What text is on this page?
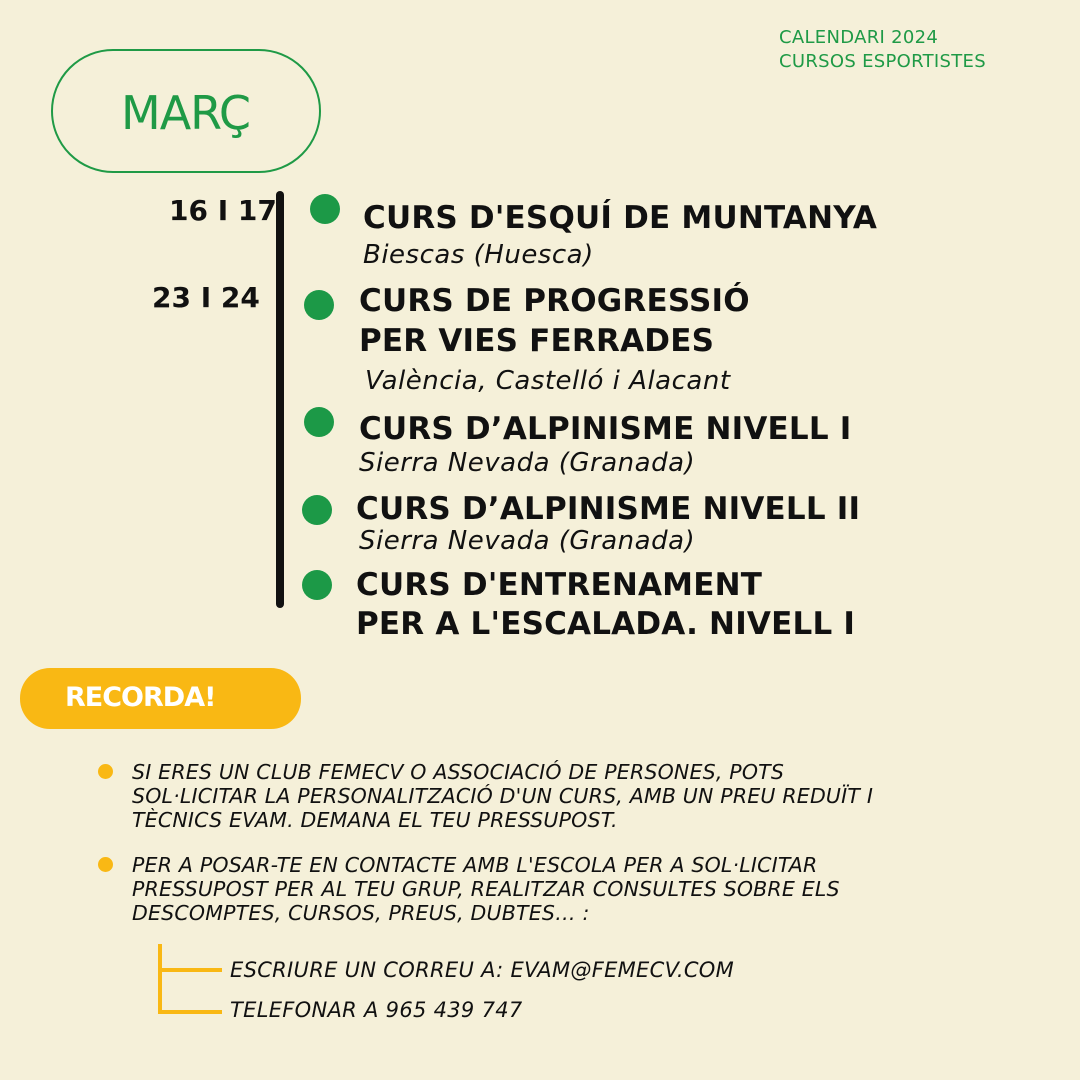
CALENDARI 2024
CURSOS ESPORTISTES
MARÇ
16 I 17
23 I 24
CURS D'ESQUÍ DE MUNTANYA
Biescas (Huesca)
CURS DE PROGRESSIÓ
PER VIES FERRADES
València, Castelló i Alacant
CURS D’ALPINISME NIVELL I
Sierra Nevada (Granada)
CURS D’ALPINISME NIVELL II
Sierra Nevada (Granada)
CURS D'ENTRENAMENT
PER A L'ESCALADA. NIVELL I
RECORDA!
SI ERES UN CLUB FEMECV O ASSOCIACIÓ DE PERSONES, POTS
SOL·LICITAR LA PERSONALITZACIÓ D'UN CURS, AMB UN PREU REDUÏT I
TÈCNICS EVAM. DEMANA EL TEU PRESSUPOST.
PER A POSAR-TE EN CONTACTE AMB L'ESCOLA PER A SOL·LICITAR
PRESSUPOST PER AL TEU GRUP, REALITZAR CONSULTES SOBRE ELS
DESCOMPTES, CURSOS, PREUS, DUBTES… :
ESCRIURE UN CORREU A: EVAM@FEMECV.COM
TELEFONAR A 965 439 747
